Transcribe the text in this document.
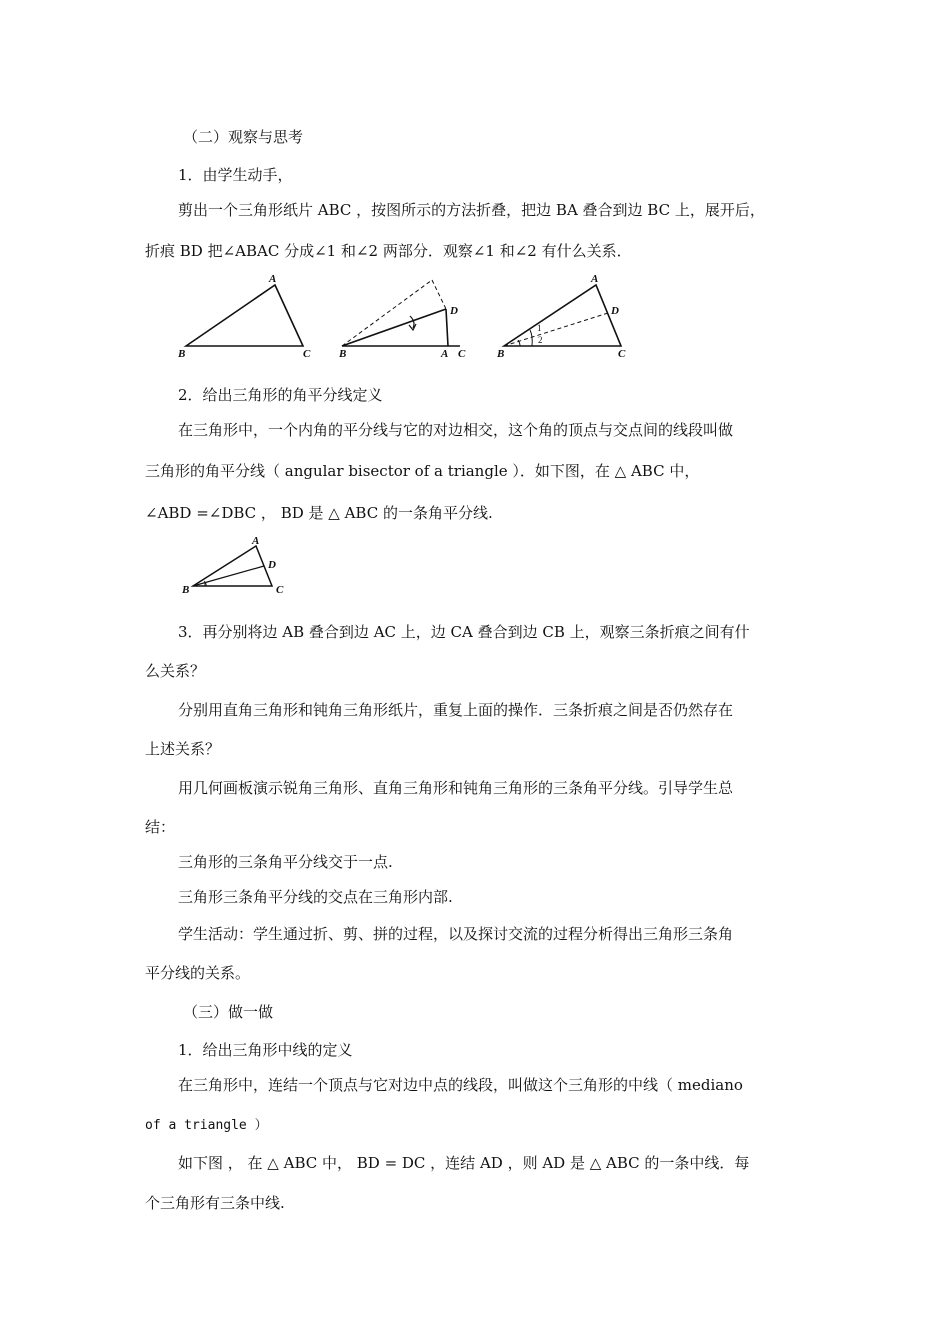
（二）观察与思考
1．由学生动手，
剪出一个三角形纸片 ABC ，按图所示的方法折叠，把边 BA 叠合到边 BC 上，展开后，
折痕 BD 把∠ABAC 分成∠1 和∠2 两部分．观察∠1 和∠2 有什么关系．
A
B	C	B
D
A C
A
D
B	C
1
2
2．给出三角形的角平分线定义
在三角形中，一个内角的平分线与它的对边相交，这个角的顶点与交点间的线段叫做
三角形的角平分线（ angular bisector of a triangle ）．如下图，在 △ ABC 中，
∠ABD =∠DBC ， BD 是 △ ABC 的一条角平分线.
A
D
B	C
3．再分别将边 AB 叠合到边 AC 上，边 CA 叠合到边 CB 上，观察三条折痕之间有什
么关系？
分别用直角三角形和钝角三角形纸片，重复上面的操作．三条折痕之间是否仍然存在
上述关系？
用几何画板演示锐角三角形、直角三角形和钝角三角形的三条角平分线。引导学生总
结：
三角形的三条角平分线交于一点.
三角形三条角平分线的交点在三角形内部.
学生活动：学生通过折、剪、拼的过程，以及探讨交流的过程分析得出三角形三条角
平分线的关系。
（三）做一做
1．给出三角形中线的定义
在三角形中，连结一个顶点与它对边中点的线段，叫做这个三角形的中线（ mediano
of a triangle ）
如下图 ， 在 △ ABC 中， BD = DC ，连结 AD ，则 AD 是 △ ABC 的一条中线．每
个三角形有三条中线.
